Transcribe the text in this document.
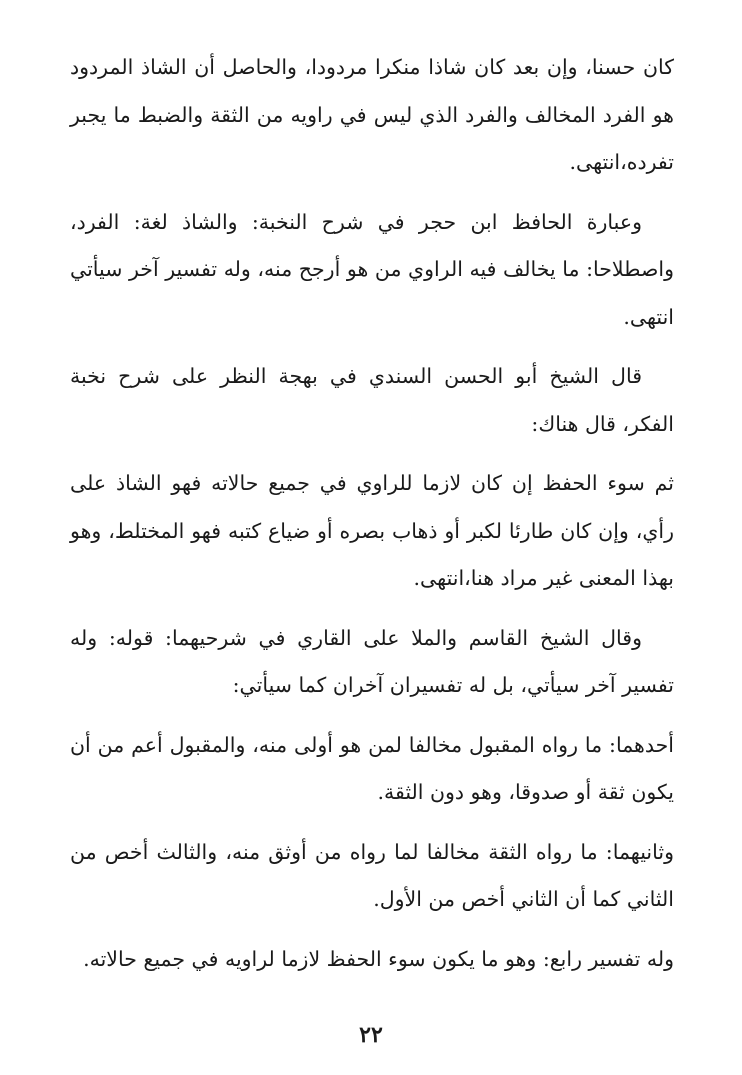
كان حسنا، وإن بعد كان شاذا منكرا مردودا، والحاصل أن الشاذ المردود هو الفرد المخالف والفرد الذي ليس في راويه من الثقة والضبط ما يجبر تفرده،انتهى.

وعبارة الحافظ ابن حجر في شرح النخبة: والشاذ لغة: الفرد، واصطلاحا: ما يخالف فيه الراوي من هو أرجح منه، وله تفسير آخر سيأتي انتهى.

قال الشيخ أبو الحسن السندي في بهجة النظر على شرح نخبة الفكر، قال هناك:

ثم سوء الحفظ إن كان لازما للراوي في جميع حالاته فهو الشاذ على رأي، وإن كان طارئا لكبر أو ذهاب بصره أو ضياع كتبه فهو المختلط، وهو بهذا المعنى غير مراد هنا،انتهى.

وقال الشيخ القاسم والملا على القاري في شرحيهما: قوله: وله تفسير آخر سيأتي، بل له تفسيران آخران كما سيأتي:

أحدهما: ما رواه المقبول مخالفا لمن هو أولى منه، والمقبول أعم من أن يكون ثقة أو صدوقا، وهو دون الثقة.

وثانيهما: ما رواه الثقة مخالفا لما رواه من أوثق منه، والثالث أخص من الثاني كما أن الثاني أخص من الأول.

وله تفسير رابع: وهو ما يكون سوء الحفظ لازما لراويه في جميع حالاته.

٢٢
